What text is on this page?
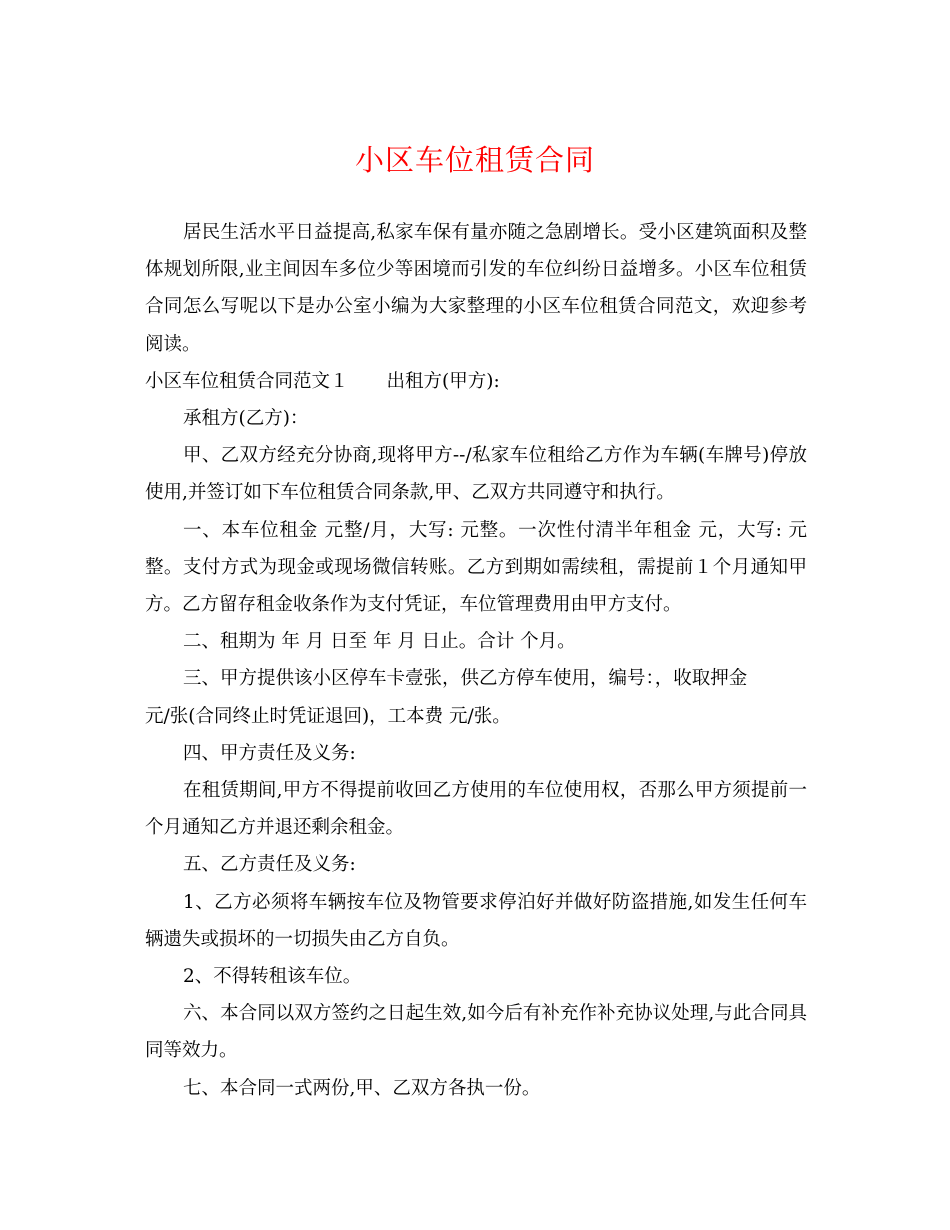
小区车位租赁合同

居民生活水平日益提高,私家车保有量亦随之急剧增长。受小区建筑面积及整体规划所限,业主间因车多位少等困境而引发的车位纠纷日益增多。小区车位租赁合同怎么写呢以下是办公室小编为大家整理的小区车位租赁合同范文，欢迎参考阅读。

小区车位租赁合同范文１ 出租方(甲方):

承租方(乙方)：

甲、乙双方经充分协商,现将甲方--/私家车位租给乙方作为车辆(车牌号)停放使用,并签订如下车位租赁合同条款,甲、乙双方共同遵守和执行。

一、本车位租金 元整/月，大写: 元整。一次性付清半年租金 元，大写: 元整。支付方式为现金或现场微信转账。乙方到期如需续租，需提前１个月通知甲方。乙方留存租金收条作为支付凭证，车位管理费用由甲方支付。

二、租期为 年 月 日至 年 月 日止。合计 个月。

三、甲方提供该小区停车卡壹张，供乙方停车使用，编号：，收取押金

元/张(合同终止时凭证退回)，工本费 元/张。

四、甲方责任及义务:

在租赁期间,甲方不得提前收回乙方使用的车位使用权，否那么甲方须提前一个月通知乙方并退还剩余租金。

五、乙方责任及义务:

1、乙方必须将车辆按车位及物管要求停泊好并做好防盗措施,如发生任何车辆遗失或损坏的一切损失由乙方自负。

2、不得转租该车位。

六、本合同以双方签约之日起生效,如今后有补充作补充协议处理,与此合同具同等效力。

七、本合同一式两份,甲、乙双方各执一份。
